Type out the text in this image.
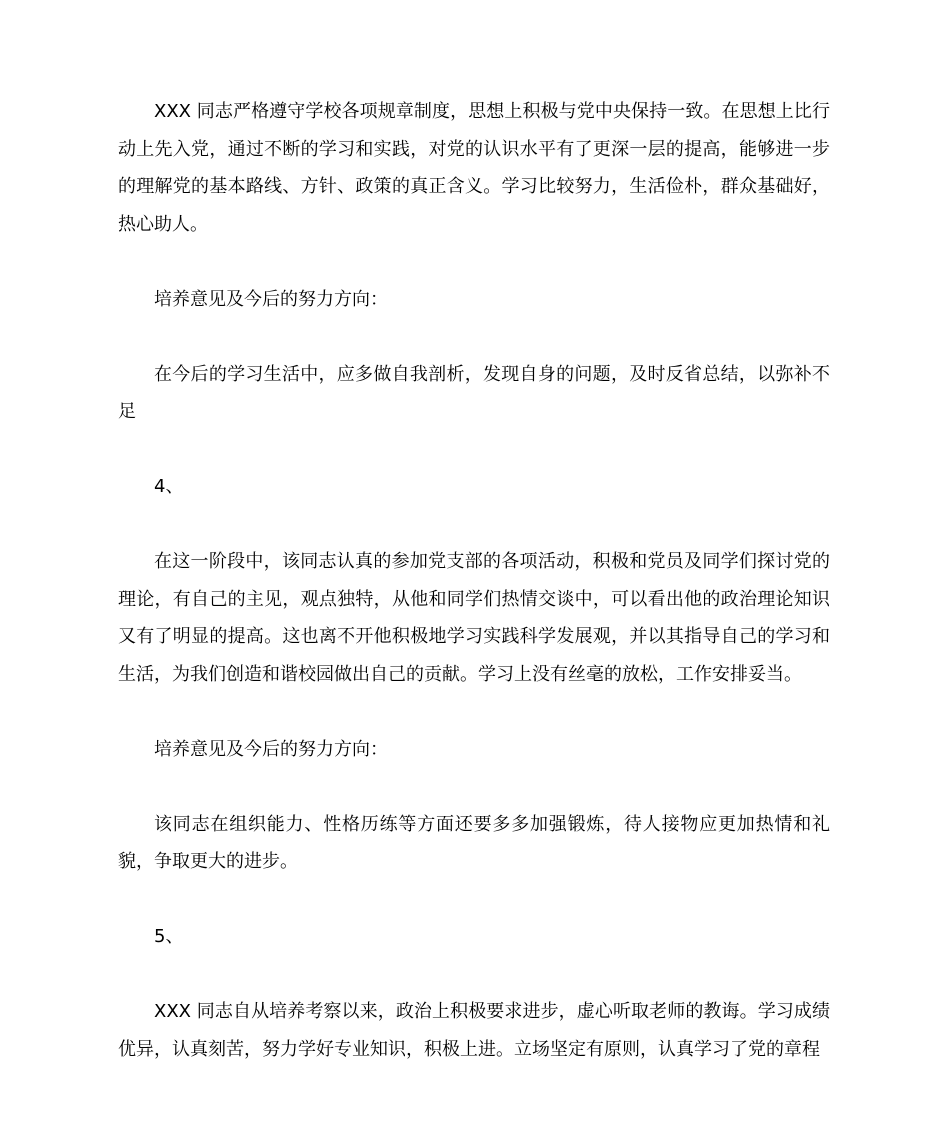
XXX 同志严格遵守学校各项规章制度，思想上积极与党中央保持一致。在思想上比行动上先入党，通过不断的学习和实践，对党的认识水平有了更深一层的提高，能够进一步的理解党的基本路线、方针、政策的真正含义。学习比较努力，生活俭朴，群众基础好，热心助人。

培养意见及今后的努力方向：

在今后的学习生活中，应多做自我剖析，发现自身的问题，及时反省总结，以弥补不足

4、

在这一阶段中，该同志认真的参加党支部的各项活动，积极和党员及同学们探讨党的理论，有自己的主见，观点独特，从他和同学们热情交谈中，可以看出他的政治理论知识又有了明显的提高。这也离不开他积极地学习实践科学发展观，并以其指导自己的学习和生活，为我们创造和谐校园做出自己的贡献。学习上没有丝毫的放松，工作安排妥当。

培养意见及今后的努力方向：

该同志在组织能力、性格历练等方面还要多多加强锻炼，待人接物应更加热情和礼貌，争取更大的进步。

5、

XXX 同志自从培养考察以来，政治上积极要求进步，虚心听取老师的教诲。学习成绩优异，认真刻苦，努力学好专业知识，积极上进。立场坚定有原则，认真学习了党的章程
